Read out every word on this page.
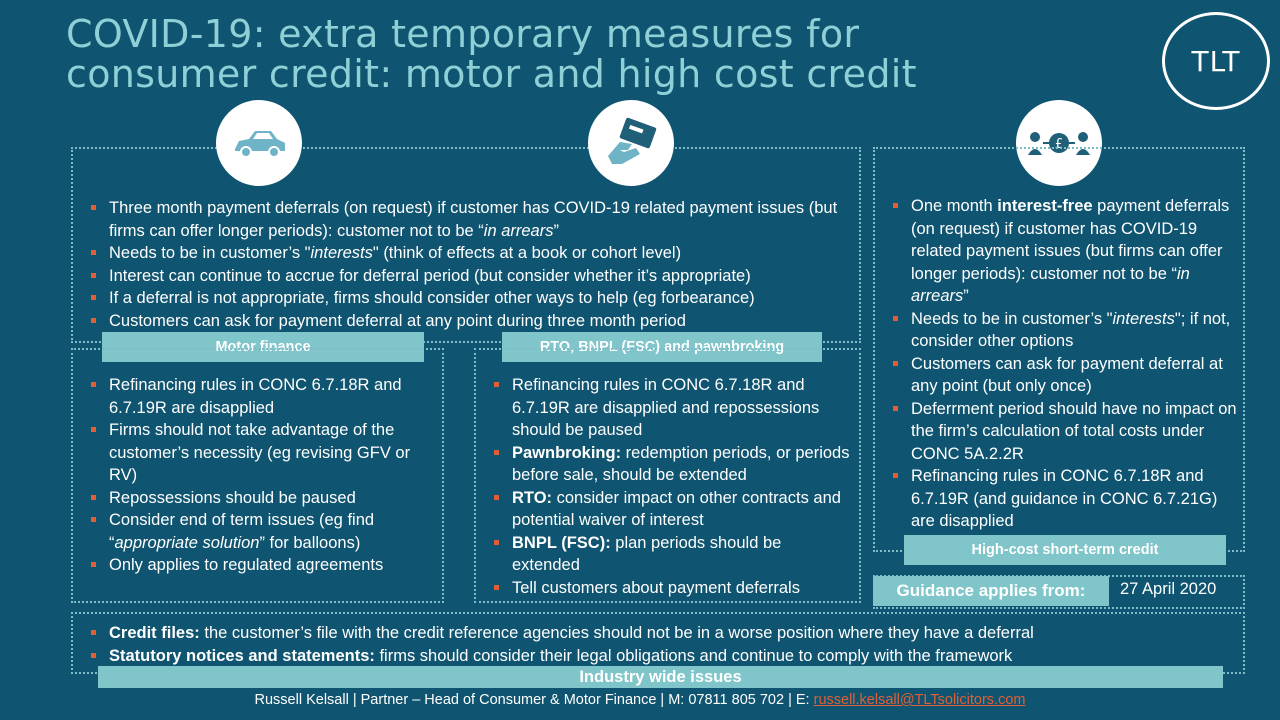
COVID-19: extra temporary measures for
consumer credit: motor and high cost credit	TLT
Three month payment deferrals (on request) if customer has COVID-19 related payment issues (but firms can offer longer periods): customer not to be “in arrears”
Needs to be in customer’s "interests" (think of effects at a book or cohort level)
Interest can continue to accrue for deferral period (but consider whether it’s appropriate)
If a deferral is not appropriate, firms should consider other ways to help (eg forbearance)
Customers can ask for payment deferral at any point during three month period
£
Motor finance
Refinancing rules in CONC 6.7.18R and 6.7.19R are disapplied
Firms should not take advantage of the customer’s necessity (eg revising GFV or RV)
Repossessions should be paused
Consider end of term issues (eg find “appropriate solution” for balloons)
Only applies to regulated agreements
RTO, BNPL (FSC) and pawnbroking
Refinancing rules in CONC 6.7.18R and 6.7.19R are disapplied and repossessions should be paused
Pawnbroking: redemption periods, or periods before sale, should be extended
RTO: consider impact on other contracts and potential waiver of interest
BNPL (FSC): plan periods should be extended
Tell customers about payment deferrals
One month interest-free payment deferrals (on request) if customer has COVID-19 related payment issues (but firms can offer longer periods): customer not to be “in arrears”
Needs to be in customer’s "interests"; if not, consider other options
Customers can ask for payment deferral at any point (but only once)
Deferrment period should have no impact on the firm’s calculation of total costs under CONC 5A.2.2R
Refinancing rules in CONC 6.7.18R and 6.7.19R (and guidance in CONC 6.7.21G) are disapplied
High-cost short-term credit
Guidance applies from:	27 April 2020
Credit files: the customer’s file with the credit reference agencies should not be in a worse position where they have a deferral
Statutory notices and statements: firms should consider their legal obligations and continue to comply with the framework
Industry wide issues
Russell Kelsall | Partner – Head of Consumer & Motor Finance | M: 07811 805 702 | E: russell.kelsall@TLTsolicitors.com
